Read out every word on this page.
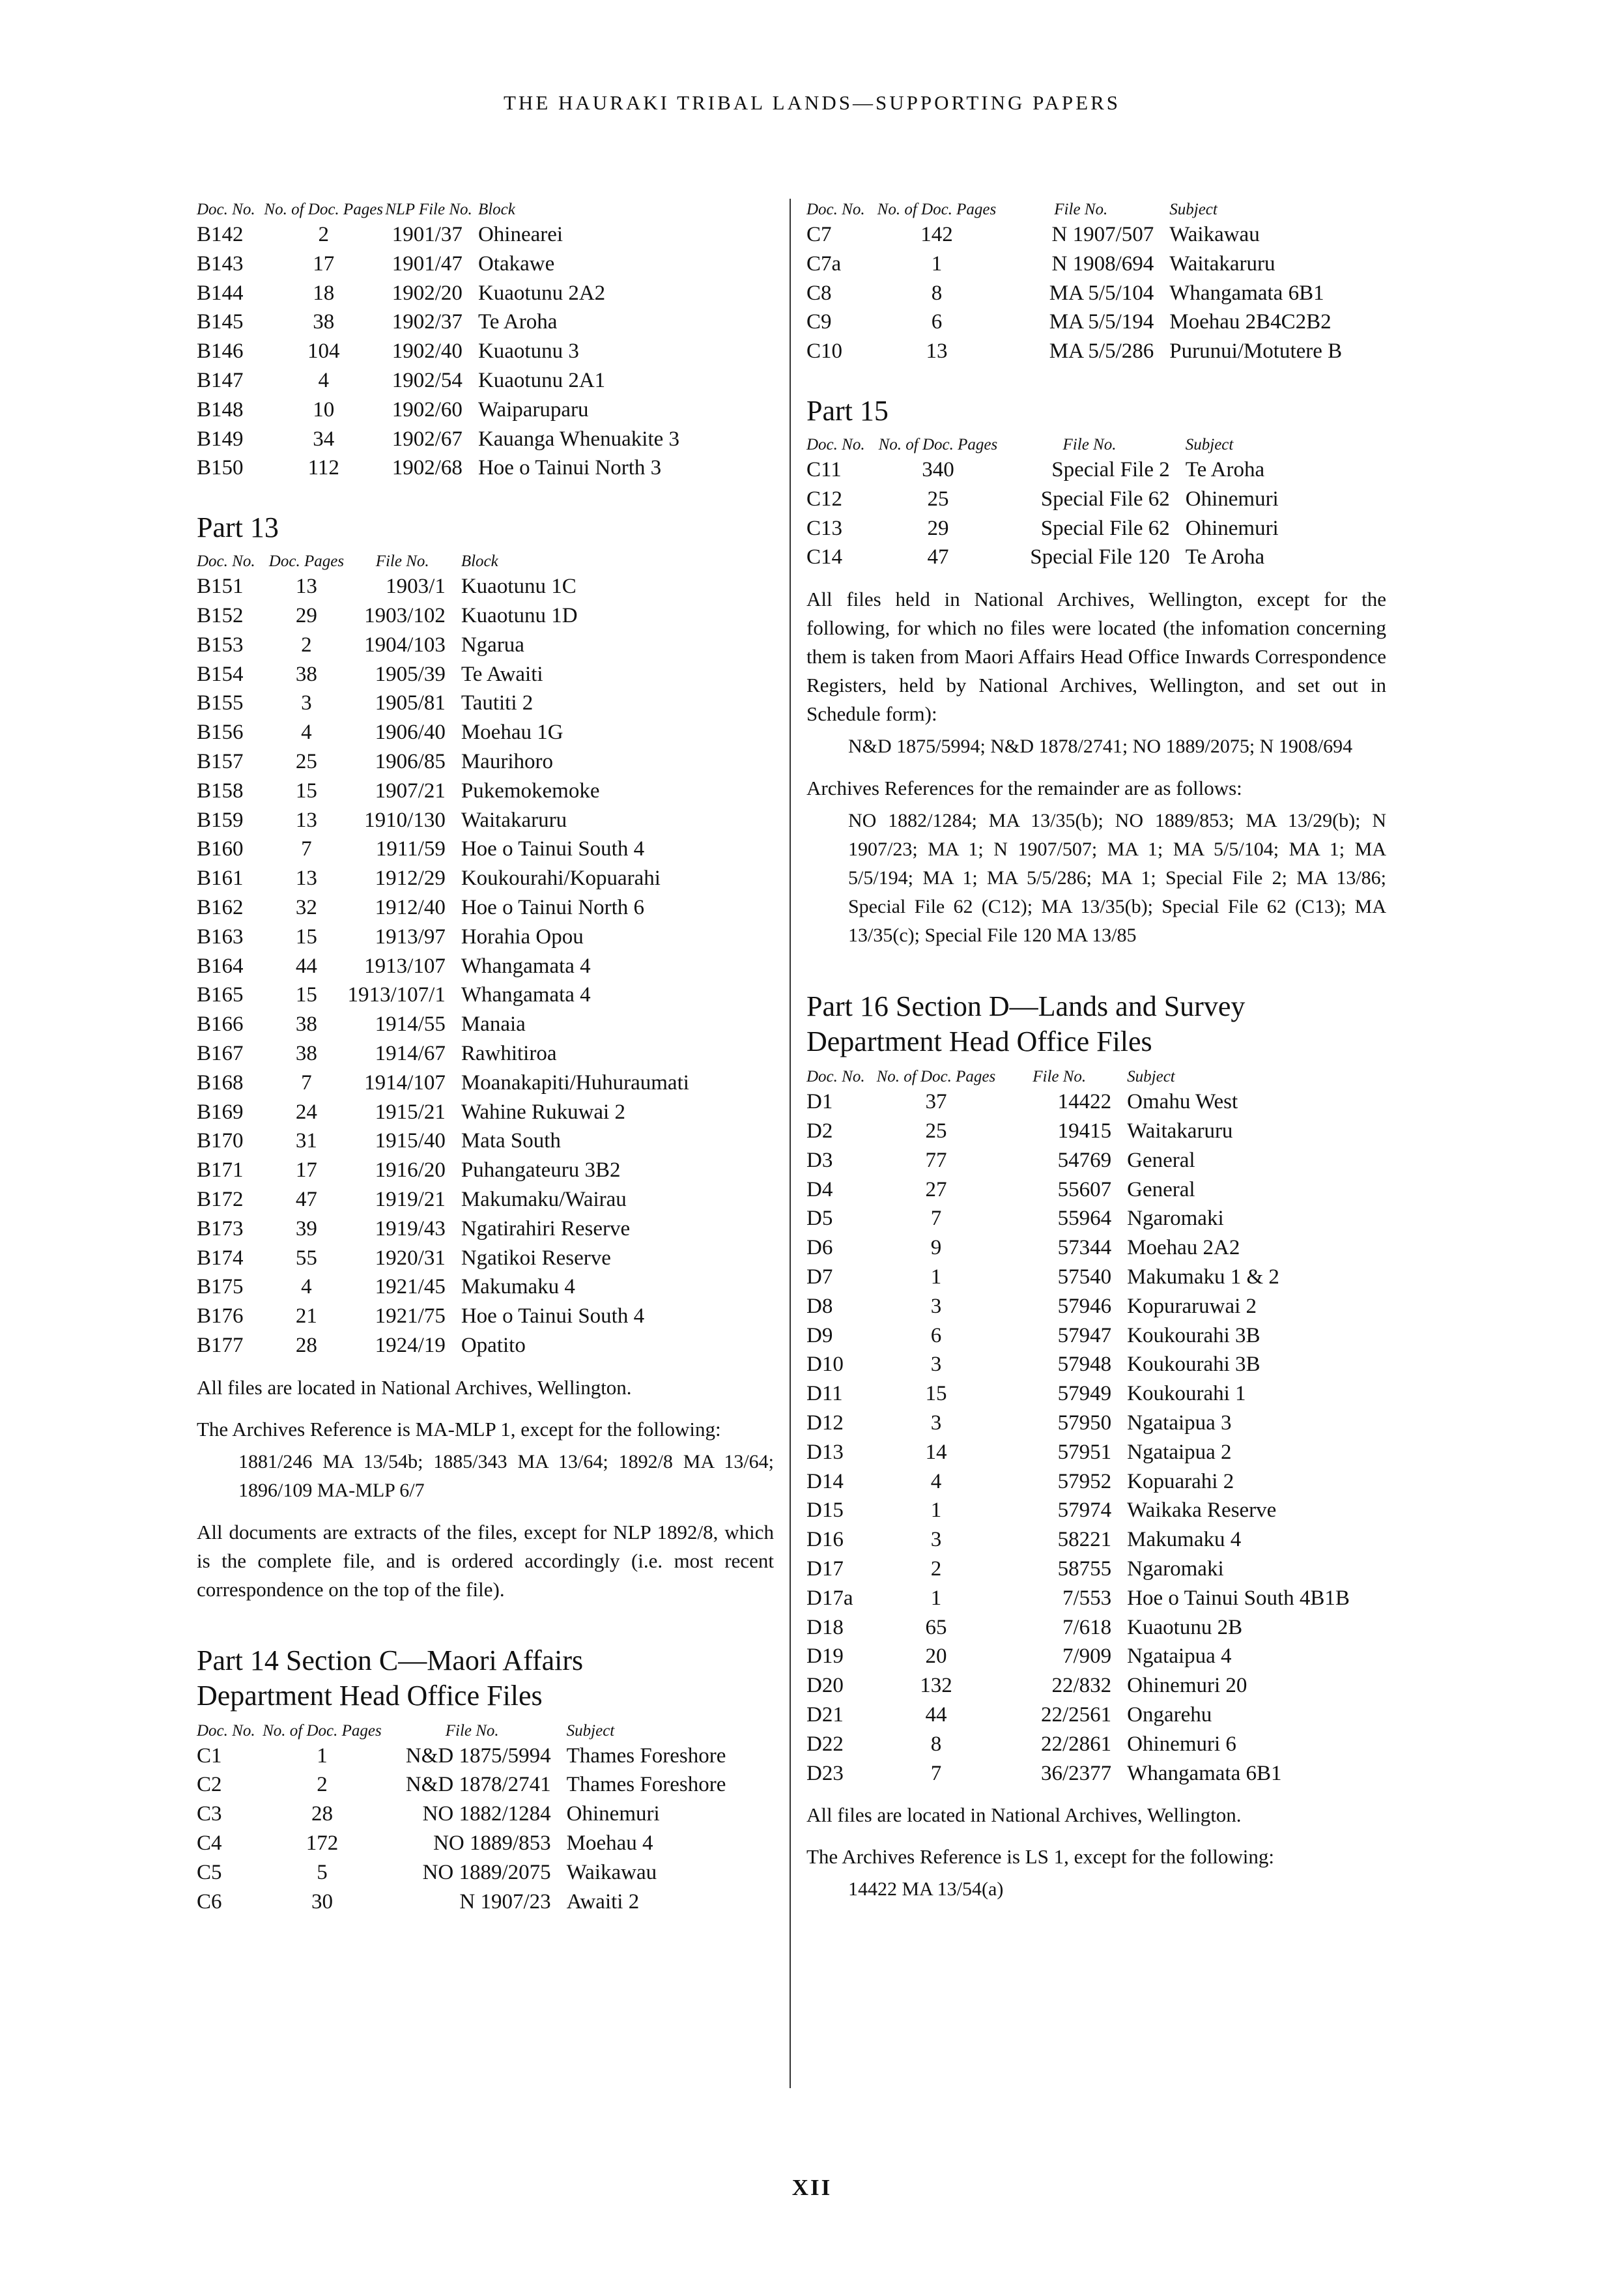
THE HAURAKI TRIBAL LANDS—SUPPORTING PAPERS
Doc. No.	No. of Doc. Pages	NLP File No.	Block
B142	2	1901/37	Ohinearei
B143	17	1901/47	Otakawe
B144	18	1902/20	Kuaotunu 2A2
B145	38	1902/37	Te Aroha
B146	104	1902/40	Kuaotunu 3
B147	4	1902/54	Kuaotunu 2A1
B148	10	1902/60	Waiparuparu
B149	34	1902/67	Kauanga Whenuakite 3
B150	112	1902/68	Hoe o Tainui North 3
Part 13
Doc. No.	Doc. Pages	File No.	Block
B151	13	1903/1	Kuaotunu 1C
B152	29	1903/102	Kuaotunu 1D
B153	2	1904/103	Ngarua
B154	38	1905/39	Te Awaiti
B155	3	1905/81	Tautiti 2
B156	4	1906/40	Moehau 1G
B157	25	1906/85	Maurihoro
B158	15	1907/21	Pukemokemoke
B159	13	1910/130	Waitakaruru
B160	7	1911/59	Hoe o Tainui South 4
B161	13	1912/29	Koukourahi/Kopuarahi
B162	32	1912/40	Hoe o Tainui North 6
B163	15	1913/97	Horahia Opou
B164	44	1913/107	Whangamata 4
B165	15	1913/107/1	Whangamata 4
B166	38	1914/55	Manaia
B167	38	1914/67	Rawhitiroa
B168	7	1914/107	Moanakapiti/Huhuraumati
B169	24	1915/21	Wahine Rukuwai 2
B170	31	1915/40	Mata South
B171	17	1916/20	Puhangateuru 3B2
B172	47	1919/21	Makumaku/Wairau
B173	39	1919/43	Ngatirahiri Reserve
B174	55	1920/31	Ngatikoi Reserve
B175	4	1921/45	Makumaku 4
B176	21	1921/75	Hoe o Tainui South 4
B177	28	1924/19	Opatito

All files are located in National Archives, Wellington.

The Archives Reference is MA-MLP 1, except for the following:

1881/246 MA 13/54b; 1885/343 MA 13/64; 1892/8 MA 13/64; 1896/109 MA-MLP 6/7

All documents are extracts of the files, except for NLP 1892/8, which is the complete file, and is ordered accordingly (i.e. most recent correspondence on the top of the file).

Part 14 Section C—Maori Affairs
Department Head Office Files
Doc. No.	No. of Doc. Pages	File No.	Subject
C1	1	N&D 1875/5994	Thames Foreshore
C2	2	N&D 1878/2741	Thames Foreshore
C3	28	NO 1882/1284	Ohinemuri
C4	172	NO 1889/853	Moehau 4
C5	5	NO 1889/2075	Waikawau
C6	30	N 1907/23	Awaiti 2
Doc. No.	No. of Doc. Pages	File No.	Subject
C7	142	N 1907/507	Waikawau
C7a	1	N 1908/694	Waitakaruru
C8	8	MA 5/5/104	Whangamata 6B1
C9	6	MA 5/5/194	Moehau 2B4C2B2
C10	13	MA 5/5/286	Purunui/Motutere B
Part 15
Doc. No.	No. of Doc. Pages	File No.	Subject
C11	340	Special File 2	Te Aroha
C12	25	Special File 62	Ohinemuri
C13	29	Special File 62	Ohinemuri
C14	47	Special File 120	Te Aroha

All files held in National Archives, Wellington, except for the following, for which no files were located (the infomation concerning them is taken from Maori Affairs Head Office Inwards Correspondence Registers, held by National Archives, Wellington, and set out in Schedule form):

N&D 1875/5994; N&D 1878/2741; NO 1889/2075; N 1908/694

Archives References for the remainder are as follows:

NO 1882/1284; MA 13/35(b); NO 1889/853; MA 13/29(b); N 1907/23; MA 1; N 1907/507; MA 1; MA 5/5/104; MA 1; MA 5/5/194; MA 1; MA 5/5/286; MA 1; Special File 2; MA 13/86; Special File 62 (C12); MA 13/35(b); Special File 62 (C13); MA 13/35(c); Special File 120 MA 13/85

Part 16 Section D—Lands and Survey
Department Head Office Files
Doc. No.	No. of Doc. Pages	File No.	Subject
D1	37	14422	Omahu West
D2	25	19415	Waitakaruru
D3	77	54769	General
D4	27	55607	General
D5	7	55964	Ngaromaki
D6	9	57344	Moehau 2A2
D7	1	57540	Makumaku 1 & 2
D8	3	57946	Kopuraruwai 2
D9	6	57947	Koukourahi 3B
D10	3	57948	Koukourahi 3B
D11	15	57949	Koukourahi 1
D12	3	57950	Ngataipua 3
D13	14	57951	Ngataipua 2
D14	4	57952	Kopuarahi 2
D15	1	57974	Waikaka Reserve
D16	3	58221	Makumaku 4
D17	2	58755	Ngaromaki
D17a	1	7/553	Hoe o Tainui South 4B1B
D18	65	7/618	Kuaotunu 2B
D19	20	7/909	Ngataipua 4
D20	132	22/832	Ohinemuri 20
D21	44	22/2561	Ongarehu
D22	8	22/2861	Ohinemuri 6
D23	7	36/2377	Whangamata 6B1

All files are located in National Archives, Wellington.

The Archives Reference is LS 1, except for the following:

14422 MA 13/54(a)

XII
